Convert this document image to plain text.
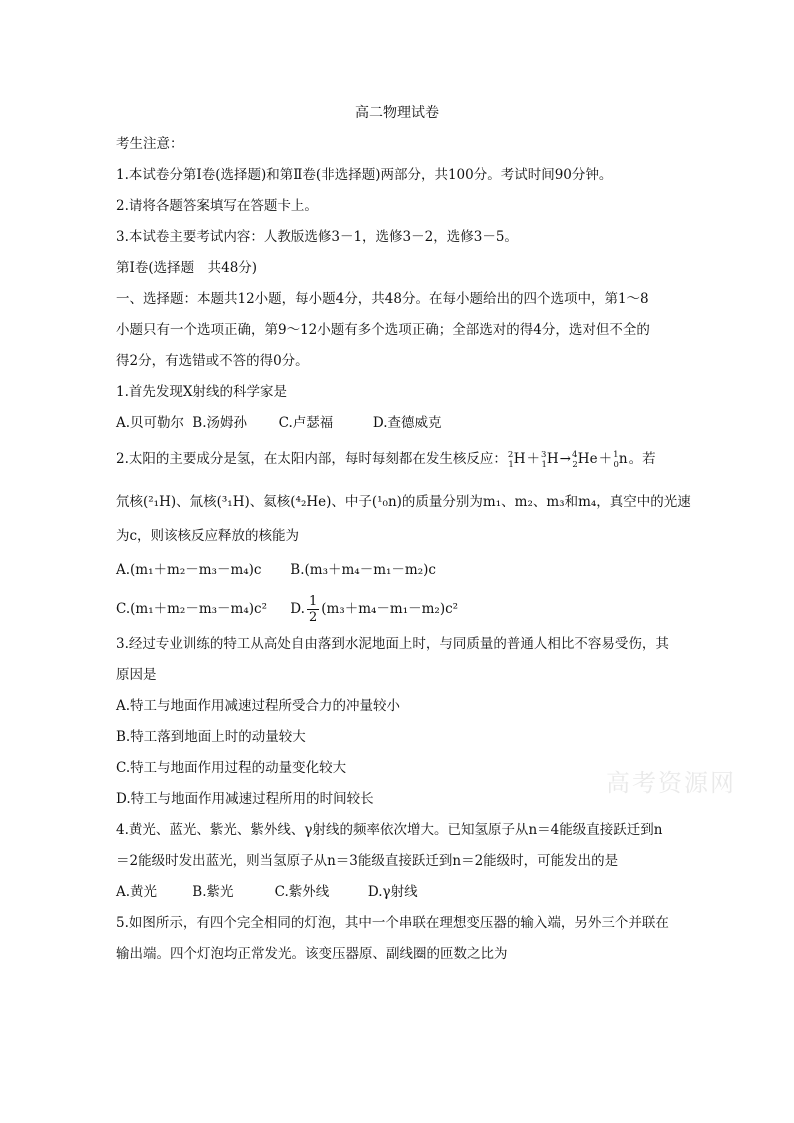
高二物理试卷
考生注意：
1.本试卷分第Ⅰ卷(选择题)和第Ⅱ卷(非选择题)两部分，共100分。考试时间90分钟。
2.请将各题答案填写在答题卡上。
3.本试卷主要考试内容：人教版选修3－1，选修3－2，选修3－5。
第Ⅰ卷(选择题　共48分)
一、选择题：本题共12小题，每小题4分，共48分。在每小题给出的四个选项中，第1～8
小题只有一个选项正确，第9～12小题有多个选项正确；全部选对的得4分，选对但不全的
得2分，有选错或不答的得0分。
1.首先发现X射线的科学家是
A.贝可勒尔 B.汤姆孙 C.卢瑟福	D.查德威克
2.太阳的主要成分是氢，在太阳内部，每时每刻都在发生核反应：$^2_1$H＋$^3_1$H→$^4_2$He＋$^1_0$n。若
氘核(²₁H)、氚核(³₁H)、氦核(⁴₂He)、中子(¹₀n)的质量分别为m₁、m₂、m₃和m₄，真空中的光速
为c，则该核反应释放的核能为
A.(m₁＋m₂－m₃－m₄)c B.(m₃＋m₄－m₁－m₂)c
C.(m₁＋m₂－m₃－m₄)c² D. $\frac{1}{2} (m_3+m_4-m_1-m_2)c^2$
3.经过专业训练的特工从高处自由落到水泥地面上时，与同质量的普通人相比不容易受伤，其
原因是
A.特工与地面作用减速过程所受合力的冲量较小
B.特工落到地面上时的动量较大
C.特工与地面作用过程的动量变化较大
D.特工与地面作用减速过程所用的时间较长
4.黄光、蓝光、紫光、紫外线、γ射线的频率依次增大。已知氢原子从n＝4能级直接跃迁到n
＝2能级时发出蓝光，则当氢原子从n＝3能级直接跃迁到n＝2能级时，可能发出的是
A.黄光	B.紫光	C.紫外线	D.γ射线
5.如图所示，有四个完全相同的灯泡，其中一个串联在理想变压器的输入端，另外三个并联在
输出端。四个灯泡均正常发光。该变压器原、副线圈的匝数之比为
高考资源网
